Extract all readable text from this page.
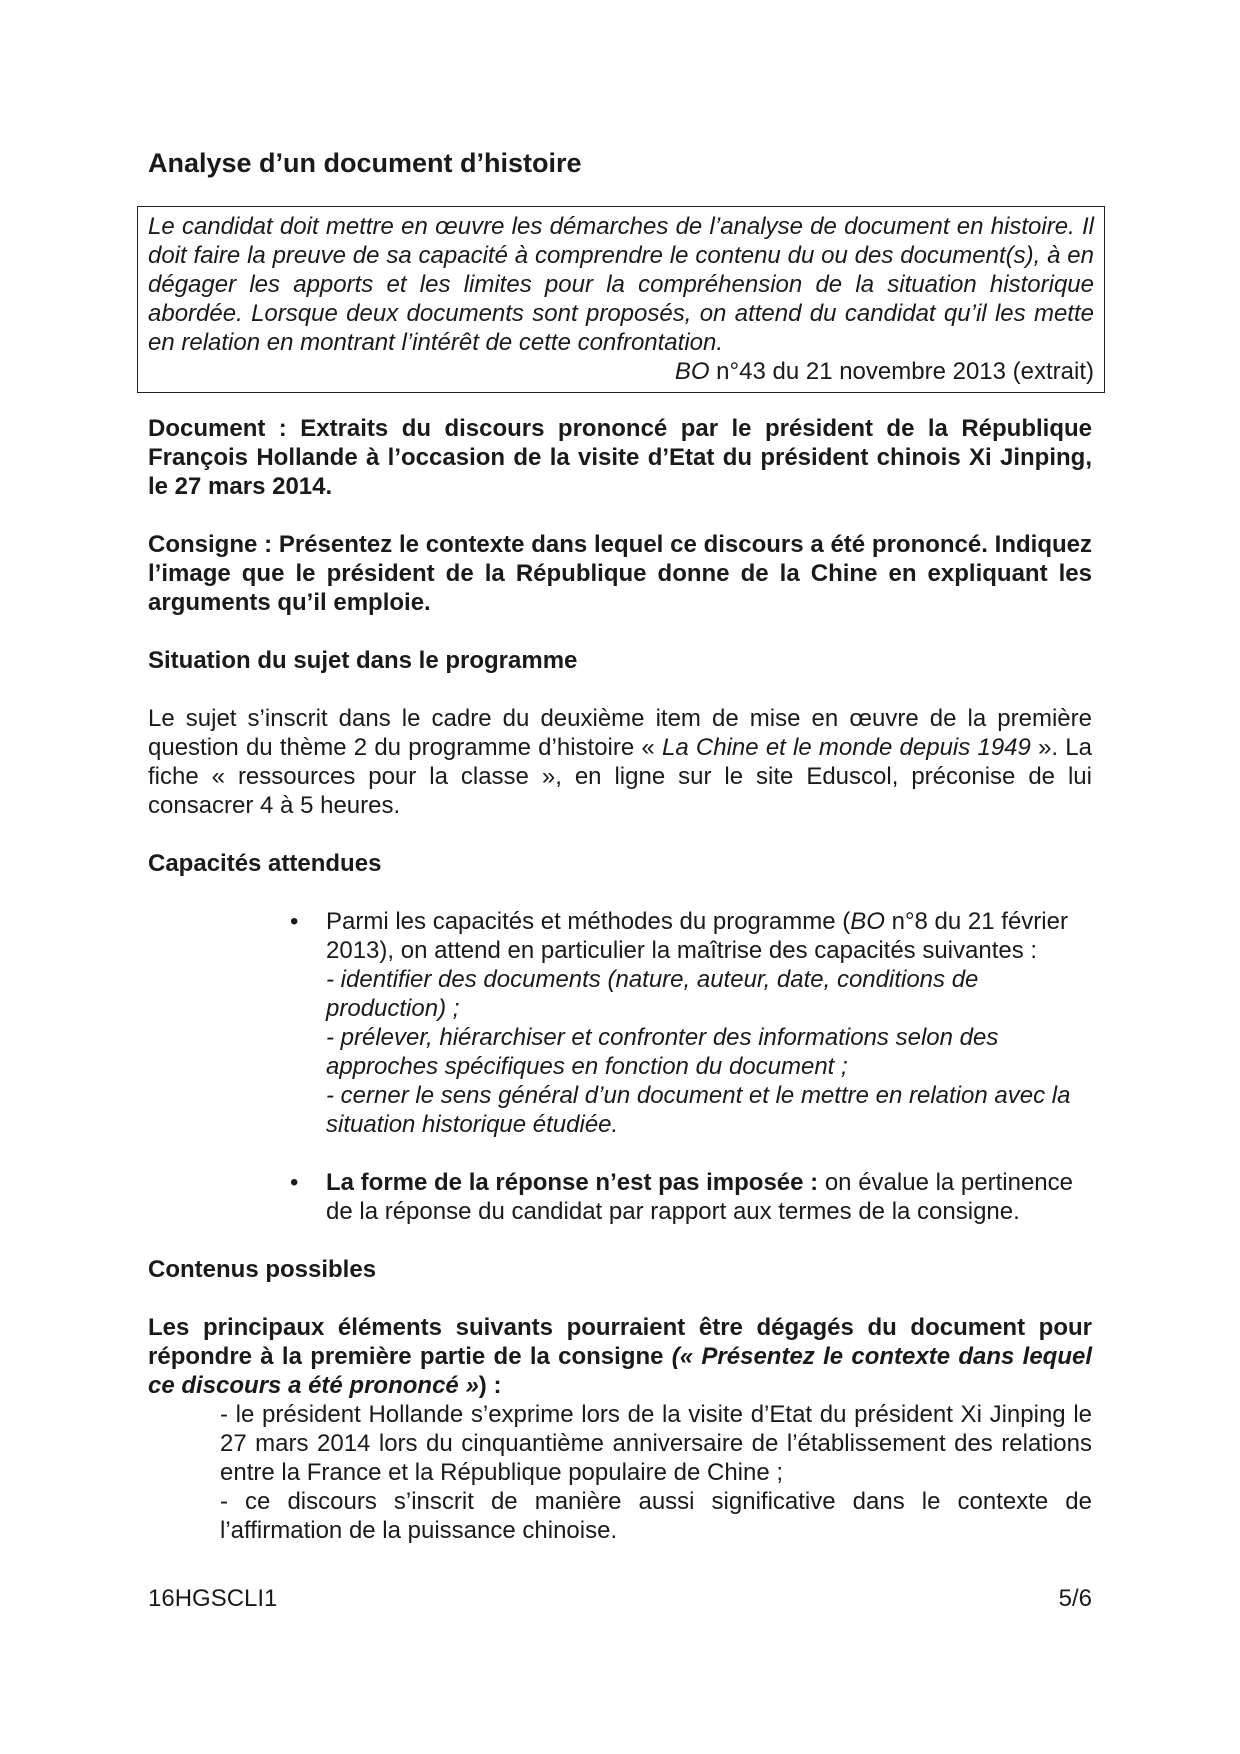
Analyse d’un document d’histoire

Le candidat doit mettre en œuvre les démarches de l’analyse de document en histoire. Il doit faire la preuve de sa capacité à comprendre le contenu du ou des document(s), à en dégager les apports et les limites pour la compréhension de la situation historique abordée. Lorsque deux documents sont proposés, on attend du candidat qu’il les mette en relation en montrant l’intérêt de cette confrontation.

BO n°43 du 21 novembre 2013 (extrait)

Document : Extraits du discours prononcé par le président de la République François Hollande à l’occasion de la visite d’Etat du président chinois Xi Jinping, le 27 mars 2014.

Consigne : Présentez le contexte dans lequel ce discours a été prononcé. Indiquez l’image que le président de la République donne de la Chine en expliquant les arguments qu’il emploie.

Situation du sujet dans le programme

Le sujet s’inscrit dans le cadre du deuxième item de mise en œuvre de la première question du thème 2 du programme d’histoire « La Chine et le monde depuis 1949 ». La fiche « ressources pour la classe », en ligne sur le site Eduscol, préconise de lui consacrer 4 à 5 heures.

Capacités attendues

• Parmi les capacités et méthodes du programme (BO n°8 du 21 février 2013), on attend en particulier la maîtrise des capacités suivantes :
- identifier des documents (nature, auteur, date, conditions de production) ;
- prélever, hiérarchiser et confronter des informations selon des approches spécifiques en fonction du document ;
- cerner le sens général d’un document et le mettre en relation avec la situation historique étudiée.
• La forme de la réponse n’est pas imposée : on évalue la pertinence de la réponse du candidat par rapport aux termes de la consigne.

Contenus possibles

Les principaux éléments suivants pourraient être dégagés du document pour répondre à la première partie de la consigne (« Présentez le contexte dans lequel ce discours a été prononcé ») :

- le président Hollande s’exprime lors de la visite d’Etat du président Xi Jinping le 27 mars 2014 lors du cinquantième anniversaire de l’établissement des relations entre la France et la République populaire de Chine ;

- ce discours s’inscrit de manière aussi significative dans le contexte de l’affirmation de la puissance chinoise.

16HGSCLI1	5/6
